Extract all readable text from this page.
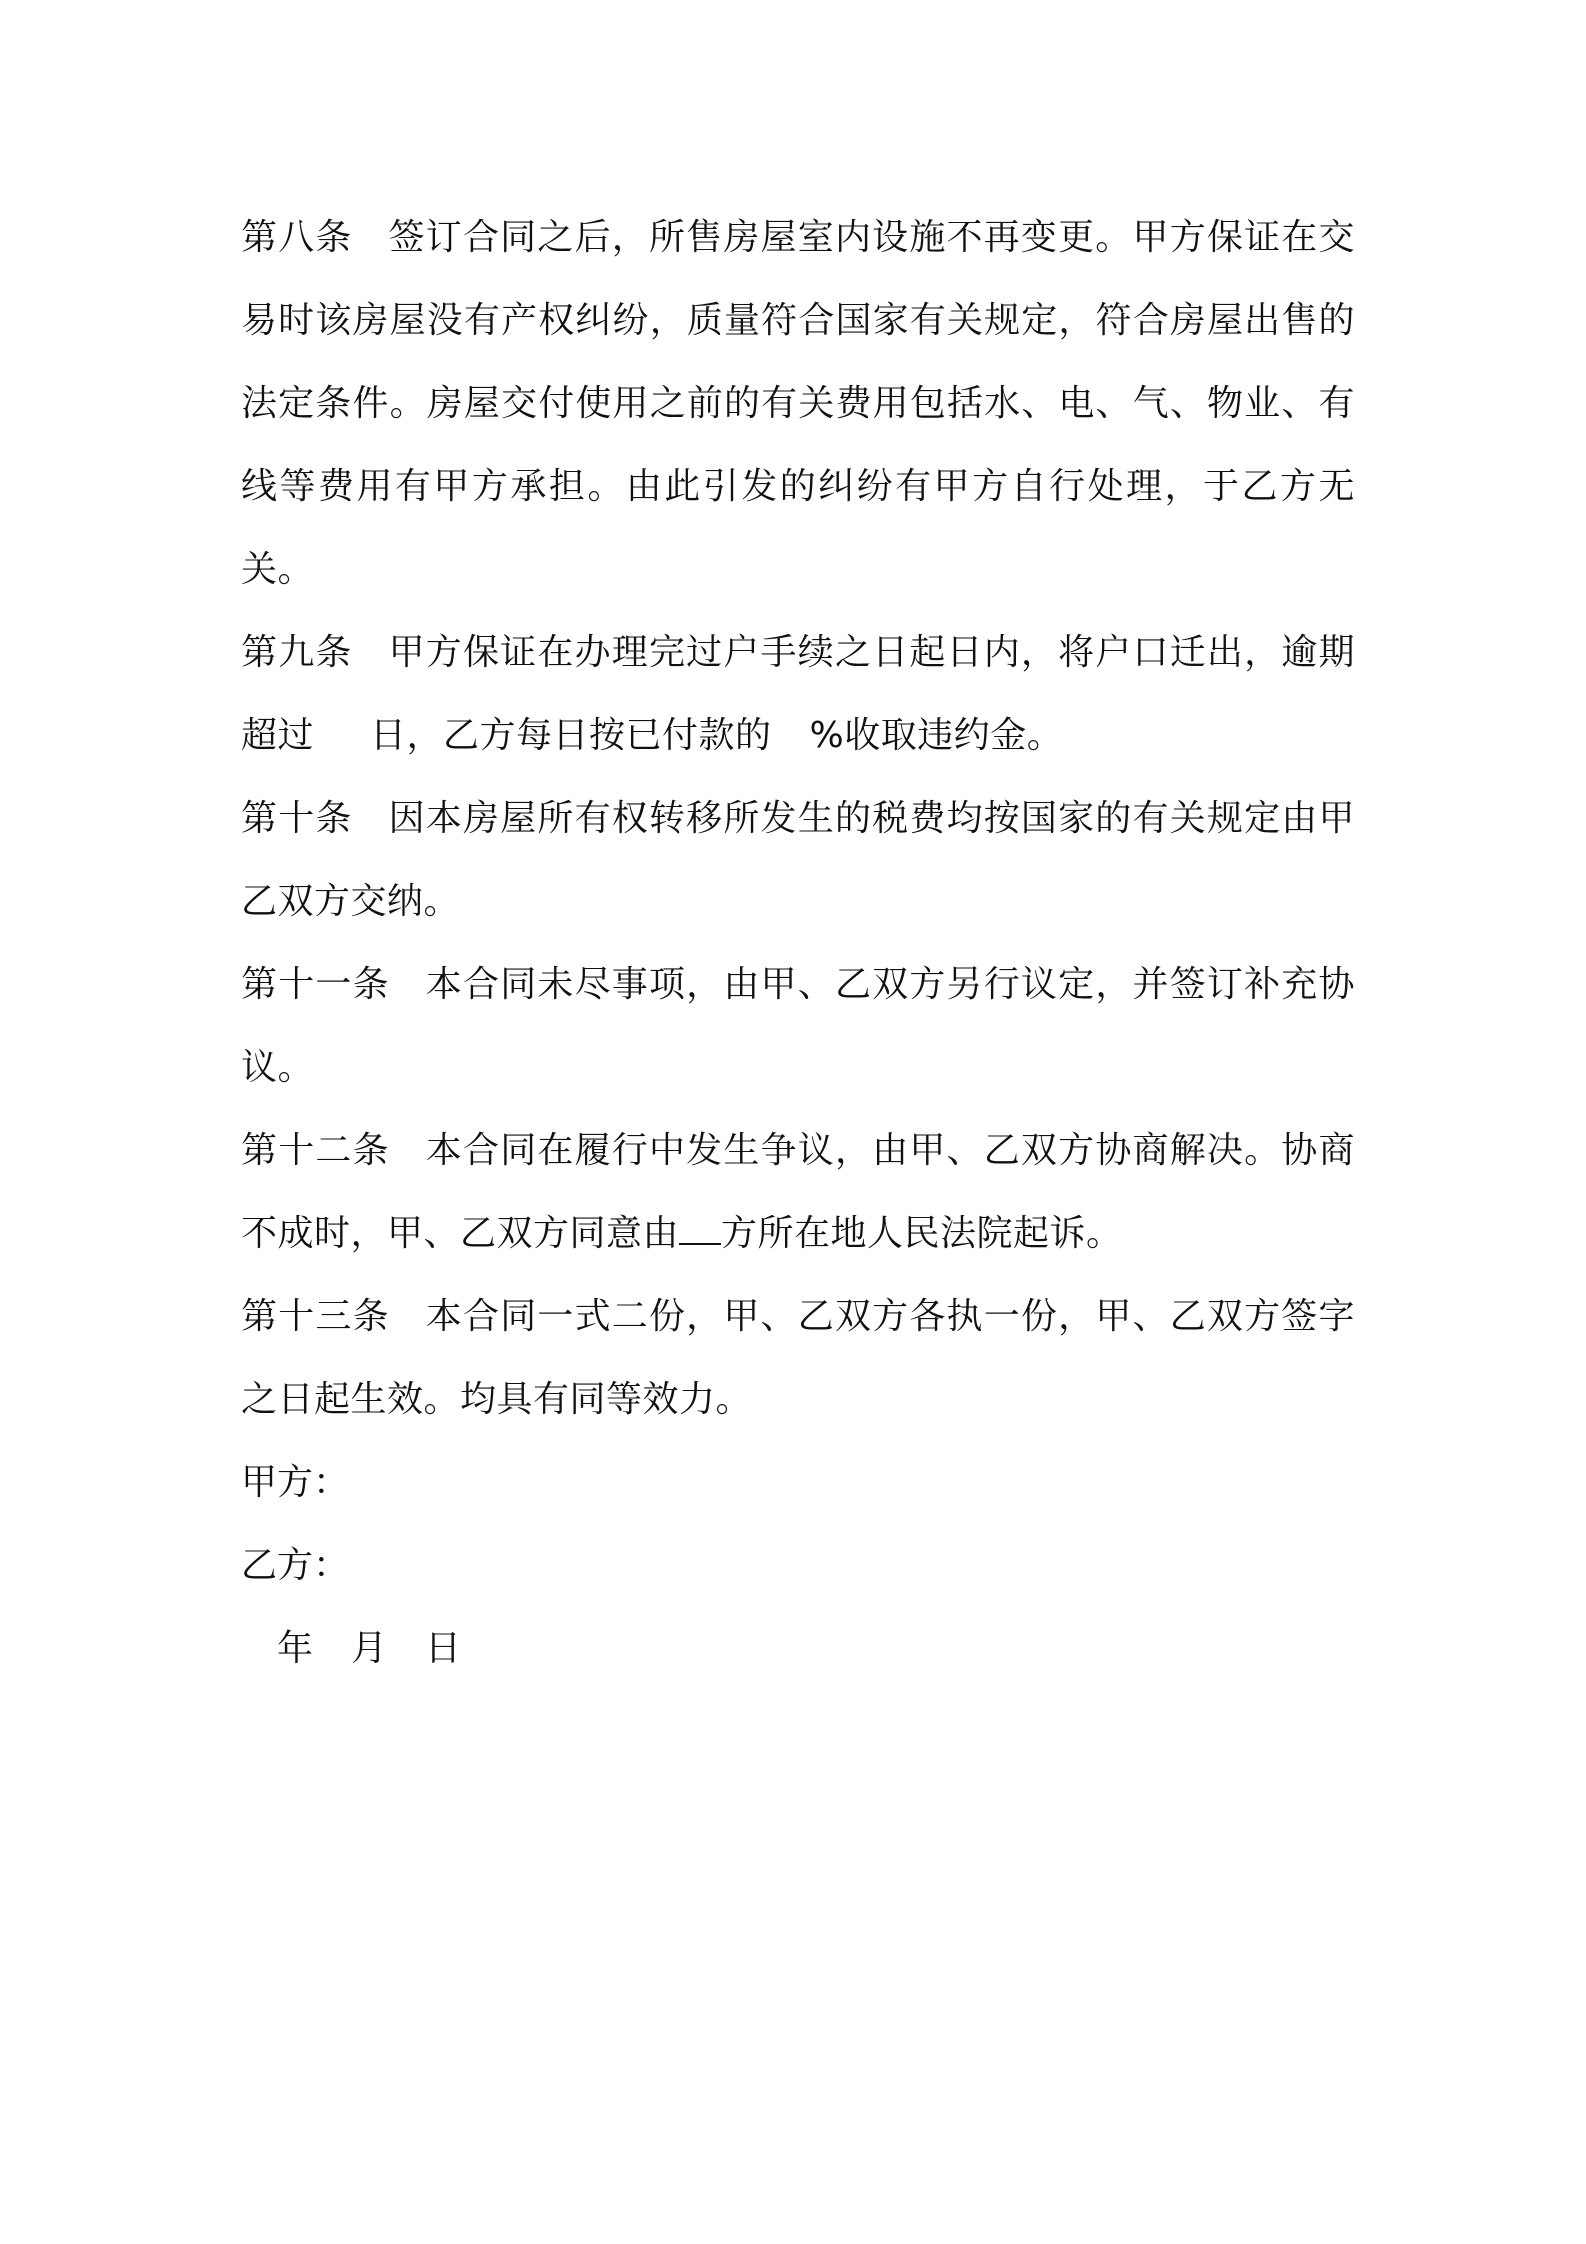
第八条 签订合同之后，所售房屋室内设施不再变更。甲方保证在交易时该房屋没有产权纠纷，质量符合国家有关规定，符合房屋出售的法定条件。房屋交付使用之前的有关费用包括水、电、气、物业、有线等费用有甲方承担。由此引发的纠纷有甲方自行处理，于乙方无关。

第九条 甲方保证在办理完过户手续之日起日内，将户口迁出，逾期超过 日，乙方每日按已付款的 %收取违约金。

第十条 因本房屋所有权转移所发生的税费均按国家的有关规定由甲乙双方交纳。

第十一条 本合同未尽事项，由甲、乙双方另行议定，并签订补充协议。

第十二条 本合同在履行中发生争议，由甲、乙双方协商解决。协商不成时，甲、乙双方同意由 方所在地人民法院起诉。

第十三条 本合同一式二份，甲、乙双方各执一份，甲、乙双方签字之日起生效。均具有同等效力。

甲方：

乙方：

年 月 日
